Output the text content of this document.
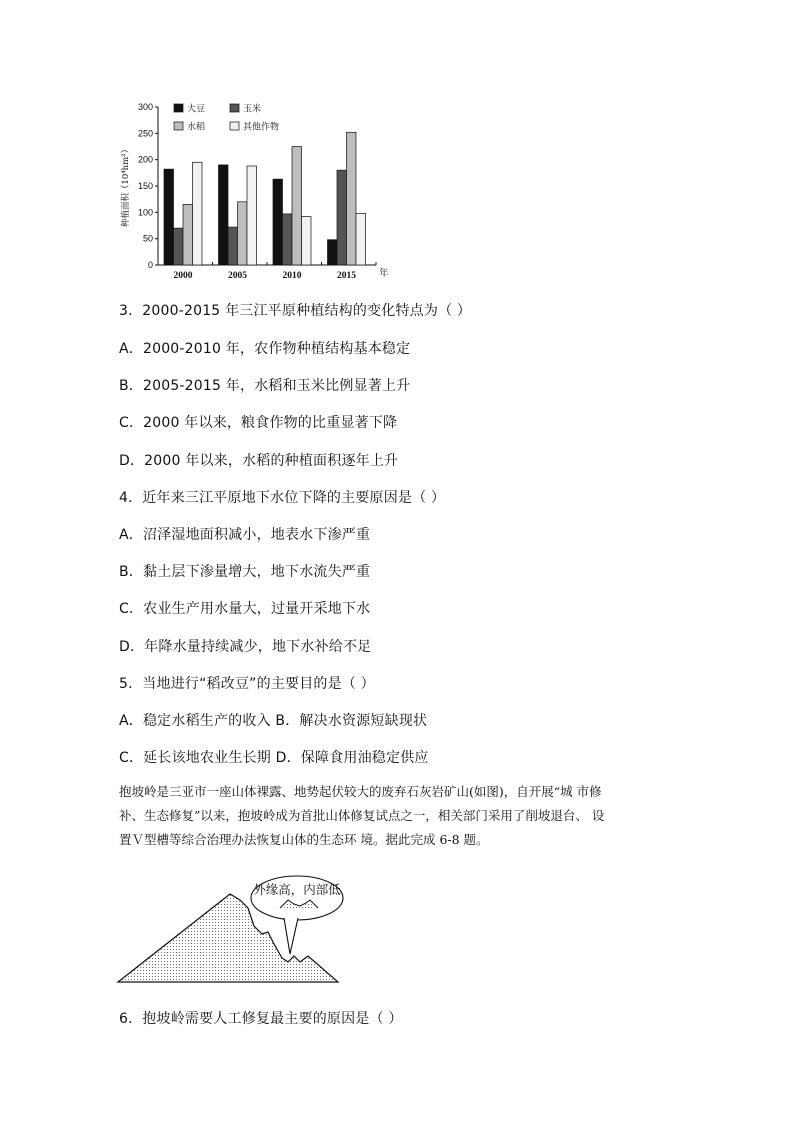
0
50
100
150
200
250
300
种植面积（10⁴hm²）
2000	2005	2010	2015 年
大豆	玉米
水稻	其他作物
3．2000-2015 年三江平原种植结构的变化特点为（ ）
A．2000-2010 年，农作物种植结构基本稳定
B．2005-2015 年，水稻和玉米比例显著上升
C．2000 年以来，粮食作物的比重显著下降
D．2000 年以来，水稻的种植面积逐年上升
4．近年来三江平原地下水位下降的主要原因是（ ）
A．沼泽湿地面积减小，地表水下渗严重
B．黏土层下渗量增大，地下水流失严重
C．农业生产用水量大，过量开采地下水
D．年降水量持续减少，地下水补给不足
5．当地进行“稻改豆”的主要目的是（ ）
A．稳定水稻生产的收入 B．解决水资源短缺现状
C．延长该地农业生长期 D．保障食用油稳定供应

抱坡岭是三亚市一座山体裸露、地势起伏较大的废弃石灰岩矿山(如图)，自开展“城 市修

补、生态修复”以来，抱坡岭成为首批山体修复试点之一，相关部门采用了削坡退台、 设

置Ｖ型槽等综合治理办法恢复山体的生态环 境。据此完成 6-8 题。

外缘高，内部低
6．抱坡岭需要人工修复最主要的原因是（ ）
